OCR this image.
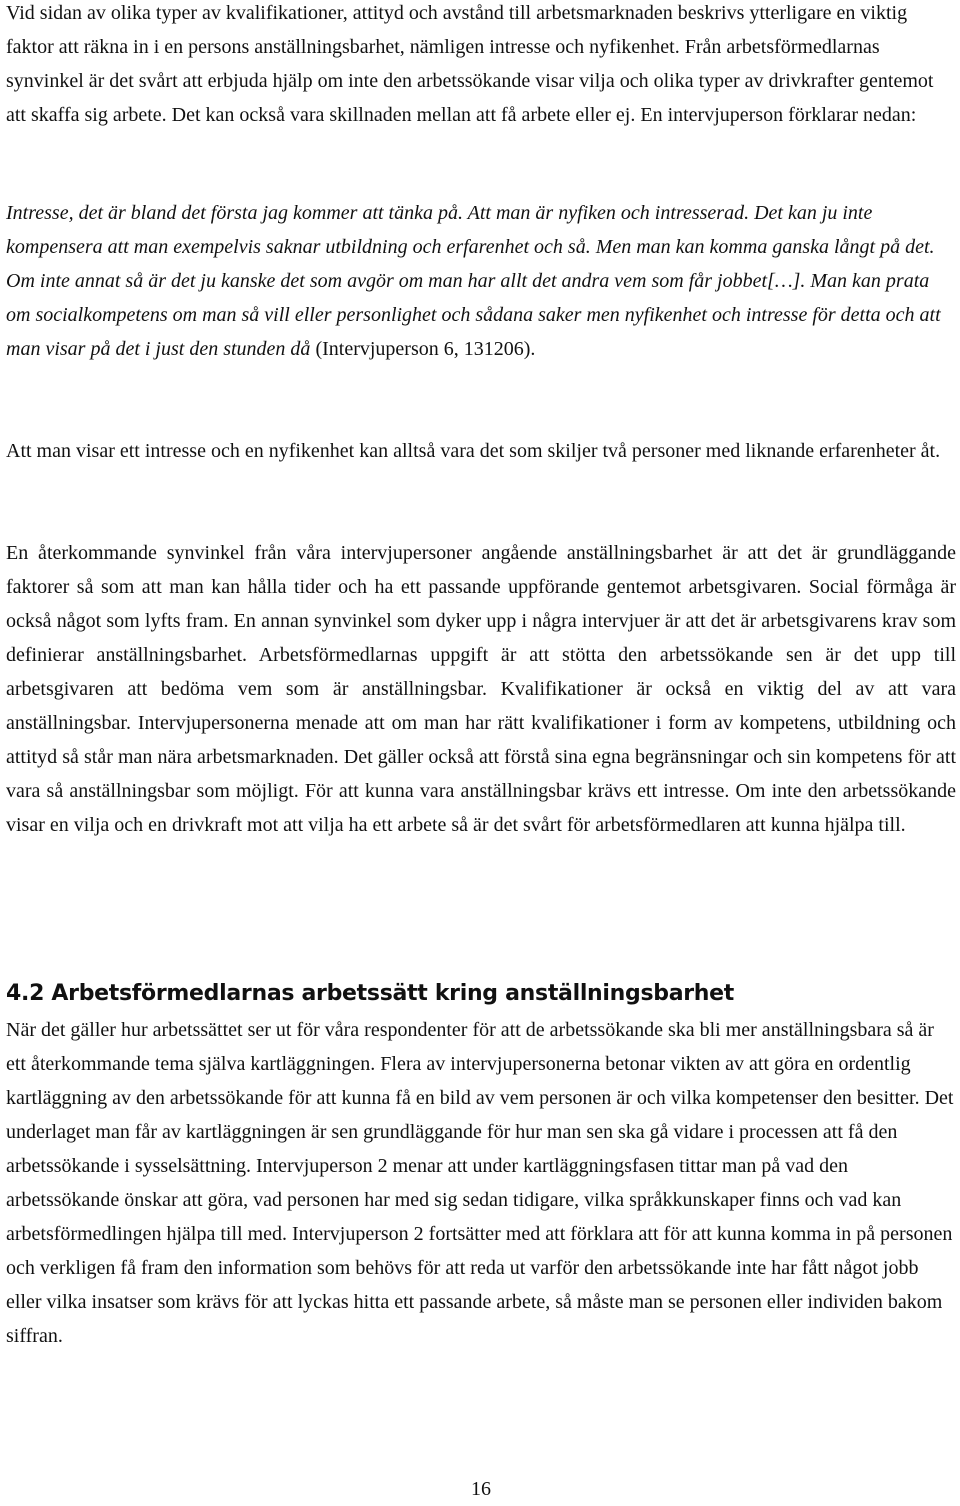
Vid sidan av olika typer av kvalifikationer, attityd och avstånd till arbetsmarknaden beskrivs ytterligare en viktig faktor att räkna in i en persons anställningsbarhet, nämligen intresse och nyfikenhet. Från arbetsförmedlarnas synvinkel är det svårt att erbjuda hjälp om inte den arbetssökande visar vilja och olika typer av drivkrafter gentemot att skaffa sig arbete. Det kan också vara skillnaden mellan att få arbete eller ej. En intervjuperson förklarar nedan:

Intresse, det är bland det första jag kommer att tänka på. Att man är nyfiken och intresserad. Det kan ju inte kompensera att man exempelvis saknar utbildning och erfarenhet och så. Men man kan komma ganska långt på det. Om inte annat så är det ju kanske det som avgör om man har allt det andra vem som får jobbet[…]. Man kan prata om socialkompetens om man så vill eller personlighet och sådana saker men nyfikenhet och intresse för detta och att man visar på det i just den stunden då (Intervjuperson 6, 131206).

Att man visar ett intresse och en nyfikenhet kan alltså vara det som skiljer två personer med liknande erfarenheter åt.

En återkommande synvinkel från våra intervjupersoner angående anställningsbarhet är att det är grundläggande faktorer så som att man kan hålla tider och ha ett passande uppförande gentemot arbetsgivaren. Social förmåga är också något som lyfts fram. En annan synvinkel som dyker upp i några intervjuer är att det är arbetsgivarens krav som definierar anställningsbarhet. Arbetsförmedlarnas uppgift är att stötta den arbetssökande sen är det upp till arbetsgivaren att bedöma vem som är anställningsbar. Kvalifikationer är också en viktig del av att vara anställningsbar. Intervjupersonerna menade att om man har rätt kvalifikationer i form av kompetens, utbildning och attityd så står man nära arbetsmarknaden. Det gäller också att förstå sina egna begränsningar och sin kompetens för att vara så anställningsbar som möjligt. För att kunna vara anställningsbar krävs ett intresse. Om inte den arbetssökande visar en vilja och en drivkraft mot att vilja ha ett arbete så är det svårt för arbetsförmedlaren att kunna hjälpa till.

4.2 Arbetsförmedlarnas arbetssätt kring anställningsbarhet

När det gäller hur arbetssättet ser ut för våra respondenter för att de arbetssökande ska bli mer anställningsbara så är ett återkommande tema själva kartläggningen. Flera av intervjupersonerna betonar vikten av att göra en ordentlig kartläggning av den arbetssökande för att kunna få en bild av vem personen är och vilka kompetenser den besitter. Det underlaget man får av kartläggningen är sen grundläggande för hur man sen ska gå vidare i processen att få den arbetssökande i sysselsättning. Intervjuperson 2 menar att under kartläggningsfasen tittar man på vad den arbetssökande önskar att göra, vad personen har med sig sedan tidigare, vilka språkkunskaper finns och vad kan arbetsförmedlingen hjälpa till med. Intervjuperson 2 fortsätter med att förklara att för att kunna komma in på personen och verkligen få fram den information som behövs för att reda ut varför den arbetssökande inte har fått något jobb eller vilka insatser som krävs för att lyckas hitta ett passande arbete, så måste man se personen eller individen bakom siffran.

16
